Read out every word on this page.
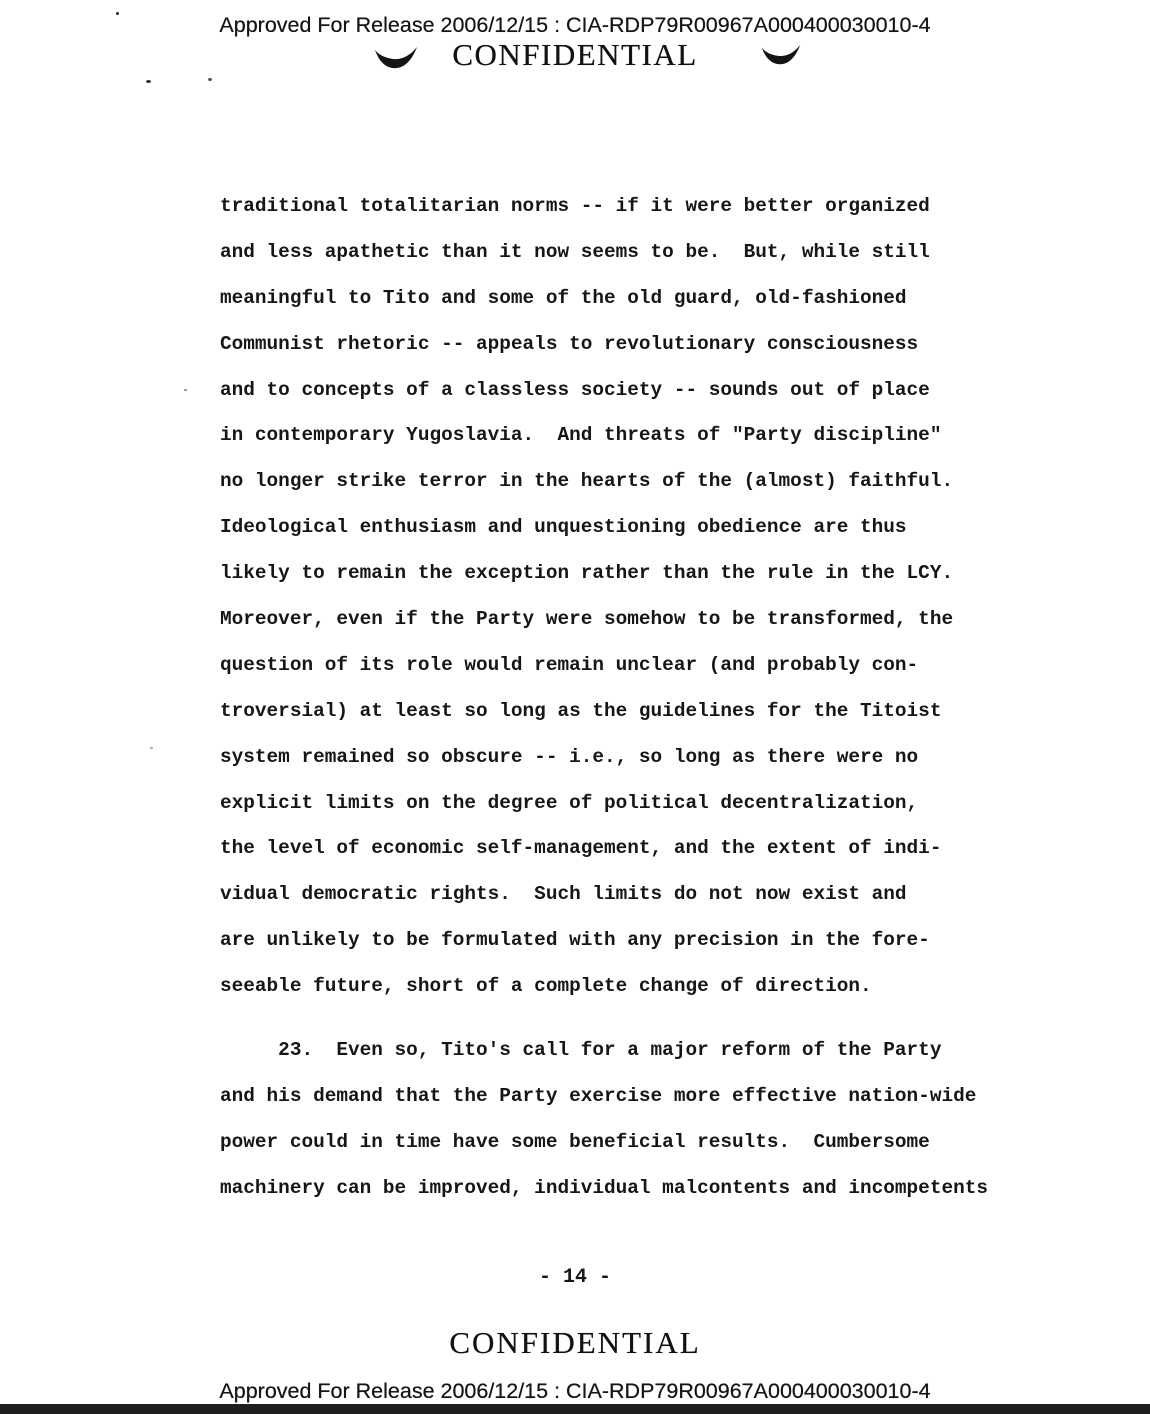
Approved For Release 2006/12/15 : CIA-RDP79R00967A000400030010-4
CONFIDENTIAL
traditional totalitarian norms -- if it were better organized
and less apathetic than it now seems to be.  But, while still
meaningful to Tito and some of the old guard, old-fashioned
Communist rhetoric -- appeals to revolutionary consciousness
and to concepts of a classless society -- sounds out of place
in contemporary Yugoslavia.  And threats of "Party discipline"
no longer strike terror in the hearts of the (almost) faithful.
Ideological enthusiasm and unquestioning obedience are thus
likely to remain the exception rather than the rule in the LCY.
Moreover, even if the Party were somehow to be transformed, the
question of its role would remain unclear (and probably con-
troversial) at least so long as the guidelines for the Titoist
system remained so obscure -- i.e., so long as there were no
explicit limits on the degree of political decentralization,
the level of economic self-management, and the extent of indi-
vidual democratic rights.  Such limits do not now exist and
are unlikely to be formulated with any precision in the fore-
seeable future, short of a complete change of direction.
23.  Even so, Tito's call for a major reform of the Party
and his demand that the Party exercise more effective nation-wide
power could in time have some beneficial results.  Cumbersome
machinery can be improved, individual malcontents and incompetents
- 14 -
CONFIDENTIAL
Approved For Release 2006/12/15 : CIA-RDP79R00967A000400030010-4
